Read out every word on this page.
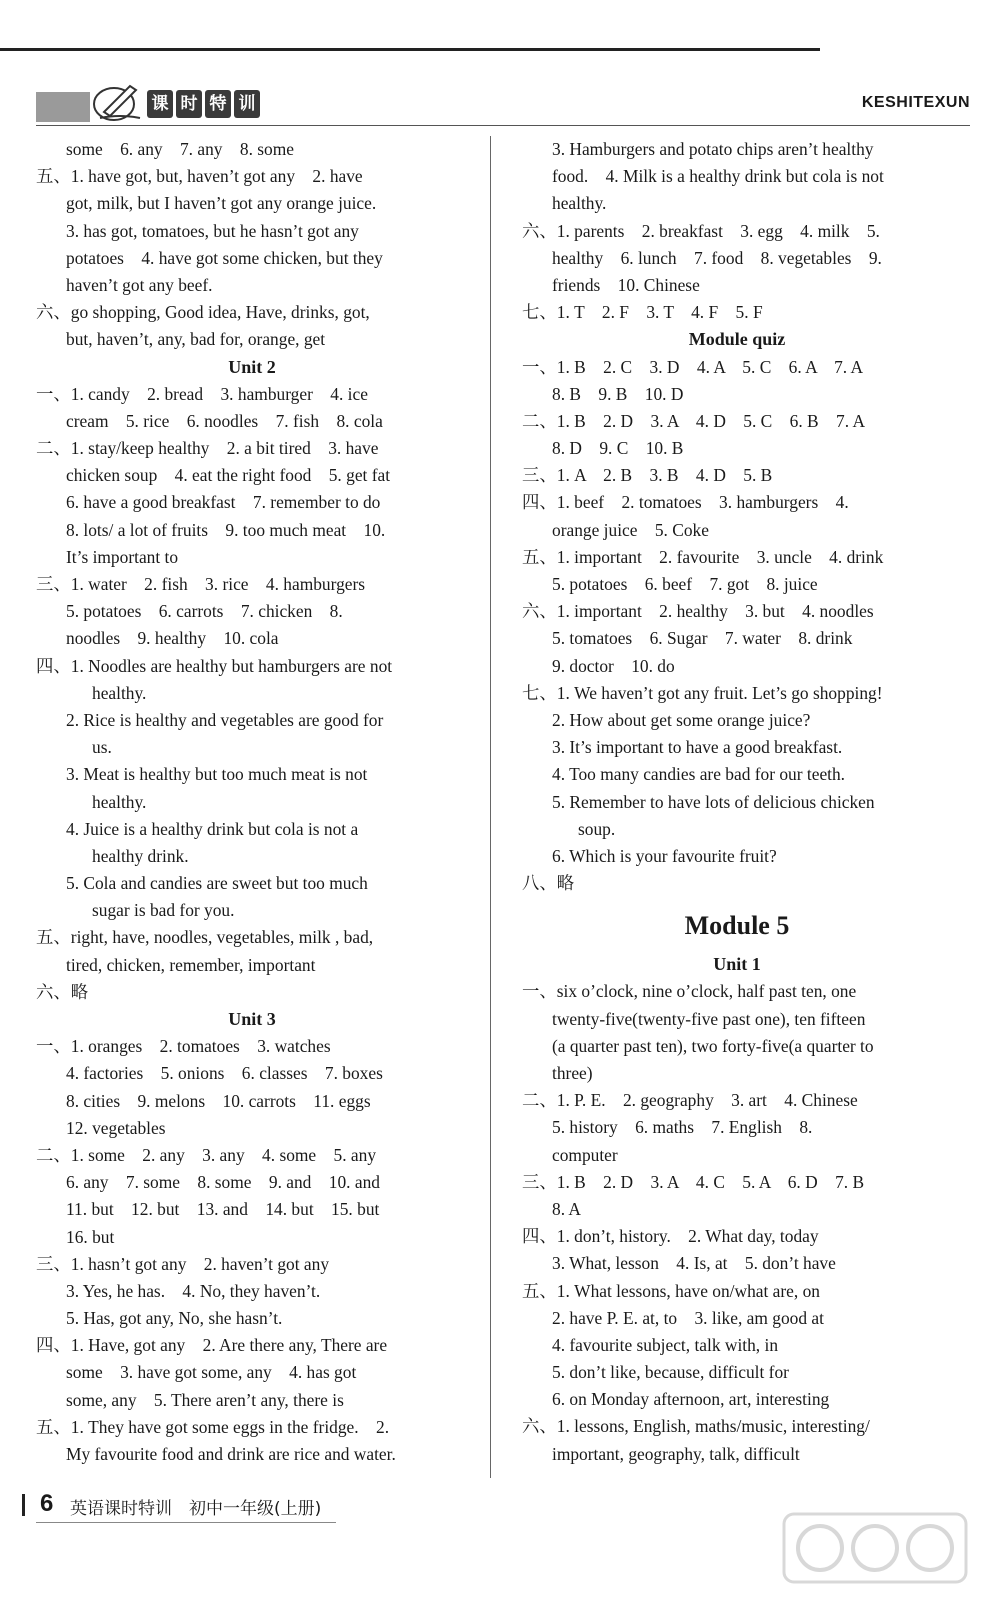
课 时 特 训	KESHITEXUN
some　6. any　7. any　8. some
五、1. have got, but, haven’t got any　2. have
got, milk, but I haven’t got any orange juice.
3. has got, tomatoes, but he hasn’t got any
potatoes　4. have got some chicken, but they
haven’t got any beef.
六、go shopping, Good idea, Have, drinks, got,
but, haven’t, any, bad for, orange, get
Unit 2
一、1. candy　2. bread　3. hamburger　4. ice
cream　5. rice　6. noodles　7. fish　8. cola
二、1. stay/keep healthy　2. a bit tired　3. have
chicken soup　4. eat the right food　5. get fat
6. have a good breakfast　7. remember to do
8. lots/ a lot of fruits　9. too much meat　10.
It’s important to
三、1. water　2. fish　3. rice　4. hamburgers
5. potatoes　6. carrots　7. chicken　8.
noodles　9. healthy　10. cola
四、1. Noodles are healthy but hamburgers are not
healthy.
2. Rice is healthy and vegetables are good for
us.
3. Meat is healthy but too much meat is not
healthy.
4. Juice is a healthy drink but cola is not a
healthy drink.
5. Cola and candies are sweet but too much
sugar is bad for you.
五、right, have, noodles, vegetables, milk , bad,
tired, chicken, remember, important
六、略
Unit 3
一、1. oranges　2. tomatoes　3. watches
4. factories　5. onions　6. classes　7. boxes
8. cities　9. melons　10. carrots　11. eggs
12. vegetables
二、1. some　2. any　3. any　4. some　5. any
6. any　7. some　8. some　9. and　10. and
11. but　12. but　13. and　14. but　15. but
16. but
三、1. hasn’t got any　2. haven’t got any
3. Yes, he has.　4. No, they haven’t.
5. Has, got any, No, she hasn’t.
四、1. Have, got any　2. Are there any, There are
some　3. have got some, any　4. has got
some, any　5. There aren’t any, there is
五、1. They have got some eggs in the fridge.　2.
My favourite food and drink are rice and water.
3. Hamburgers and potato chips aren’t healthy
food.　4. Milk is a healthy drink but cola is not
healthy.
六、1. parents　2. breakfast　3. egg　4. milk　5.
healthy　6. lunch　7. food　8. vegetables　9.
friends　10. Chinese
七、1. T　2. F　3. T　4. F　5. F
Module quiz
一、1. B　2. C　3. D　4. A　5. C　6. A　7. A
8. B　9. B　10. D
二、1. B　2. D　3. A　4. D　5. C　6. B　7. A
8. D　9. C　10. B
三、1. A　2. B　3. B　4. D　5. B
四、1. beef　2. tomatoes　3. hamburgers　4.
orange juice　5. Coke
五、1. important　2. favourite　3. uncle　4. drink
5. potatoes　6. beef　7. got　8. juice
六、1. important　2. healthy　3. but　4. noodles
5. tomatoes　6. Sugar　7. water　8. drink
9. doctor　10. do
七、1. We haven’t got any fruit. Let’s go shopping!
2. How about get some orange juice?
3. It’s important to have a good breakfast.
4. Too many candies are bad for our teeth.
5. Remember to have lots of delicious chicken
soup.
6. Which is your favourite fruit?
八、略
Module 5
Unit 1
一、six o’clock, nine o’clock, half past ten, one
twenty-five(twenty-five past one), ten fifteen
(a quarter past ten), two forty-five(a quarter to
three)
二、1. P. E.　2. geography　3. art　4. Chinese
5. history　6. maths　7. English　8.
computer
三、1. B　2. D　3. A　4. C　5. A　6. D　7. B
8. A
四、1. don’t, history.　2. What day, today
3. What, lesson　4. Is, at　5. don’t have
五、1. What lessons, have on/what are, on
2. have P. E. at, to　3. like, am good at
4. favourite subject, talk with, in
5. don’t like, because, difficult for
6. on Monday afternoon, art, interesting
六、1. lessons, English, maths/music, interesting/
important, geography, talk, difficult
6 英语课时特训　初中一年级(上册)
